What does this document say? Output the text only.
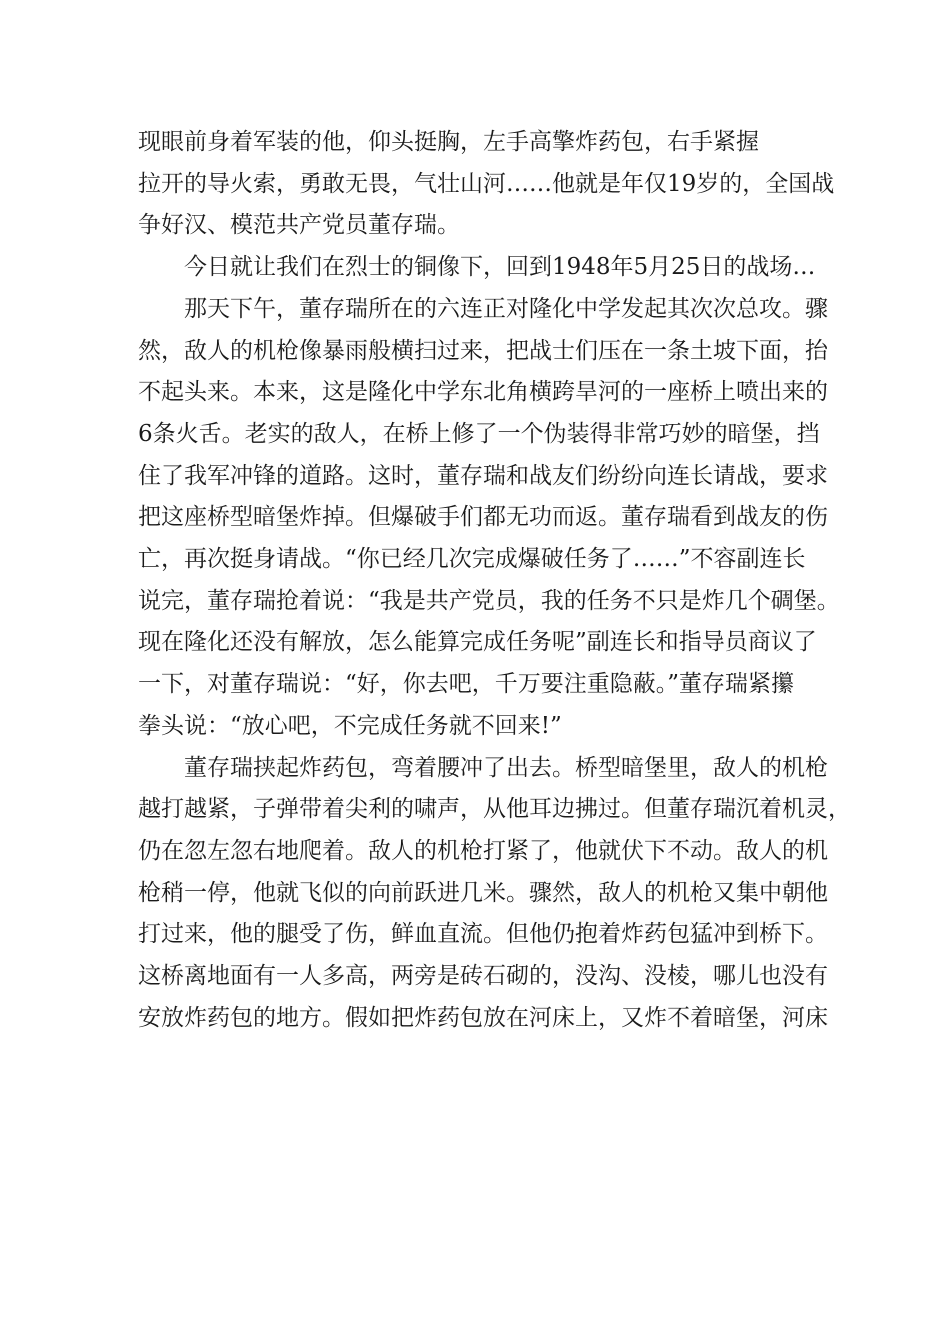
现眼前身着军装的他，仰头挺胸，左手高擎炸药包，右手紧握
拉开的导火索，勇敢无畏，气壮山河……他就是年仅19岁的，全国战
争好汉、模范共产党员董存瑞。

今日就让我们在烈士的铜像下，回到1948年5月25日的战场…

那天下午，董存瑞所在的六连正对隆化中学发起其次次总攻。骤
然，敌人的机枪像暴雨般横扫过来，把战士们压在一条土坡下面，抬
不起头来。本来，这是隆化中学东北角横跨旱河的一座桥上喷出来的
6条火舌。老实的敌人，在桥上修了一个伪装得非常巧妙的暗堡，挡
住了我军冲锋的道路。这时，董存瑞和战友们纷纷向连长请战，要求
把这座桥型暗堡炸掉。但爆破手们都无功而返。董存瑞看到战友的伤
亡，再次挺身请战。“你已经几次完成爆破任务了……”不容副连长
说完，董存瑞抢着说：“我是共产党员，我的任务不只是炸几个碉堡。
现在隆化还没有解放，怎么能算完成任务呢”副连长和指导员商议了
一下，对董存瑞说：“好，你去吧，千万要注重隐蔽。”董存瑞紧攥
拳头说：“放心吧，不完成任务就不回来!”

董存瑞挟起炸药包，弯着腰冲了出去。桥型暗堡里，敌人的机枪
越打越紧，子弹带着尖利的啸声，从他耳边拂过。但董存瑞沉着机灵，
仍在忽左忽右地爬着。敌人的机枪打紧了，他就伏下不动。敌人的机
枪稍一停，他就飞似的向前跃进几米。骤然，敌人的机枪又集中朝他
打过来，他的腿受了伤，鲜血直流。但他仍抱着炸药包猛冲到桥下。
这桥离地面有一人多高，两旁是砖石砌的，没沟、没棱，哪儿也没有
安放炸药包的地方。假如把炸药包放在河床上，又炸不着暗堡，河床
